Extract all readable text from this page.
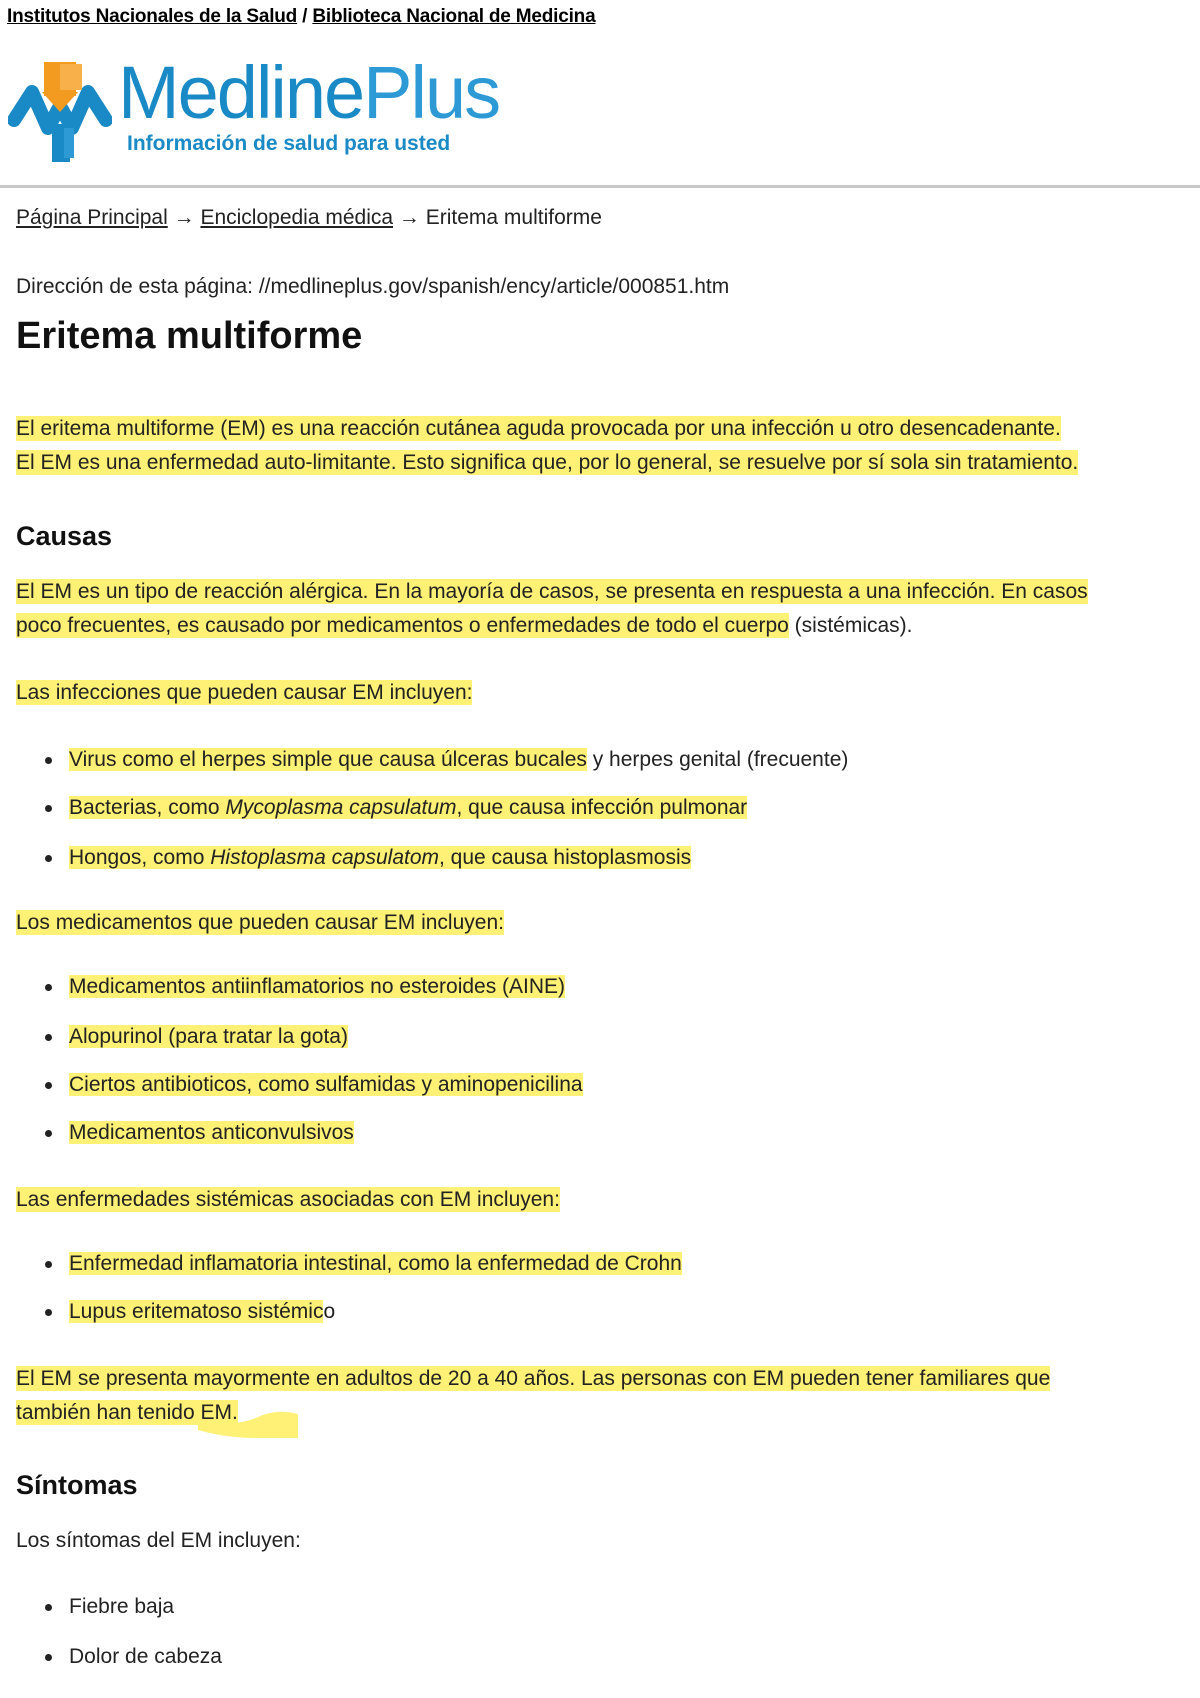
Institutos Nacionales de la Salud / Biblioteca Nacional de Medicina
MedlinePlus
Información de salud para usted
Página Principal → Enciclopedia médica → Eritema multiforme
Dirección de esta página: //medlineplus.gov/spanish/ency/article/000851.htm
Eritema multiforme
El eritema multiforme (EM) es una reacción cutánea aguda provocada por una infección u otro desencadenante.
El EM es una enfermedad auto-limitante. Esto significa que, por lo general, se resuelve por sí sola sin tratamiento.
Causas
El EM es un tipo de reacción alérgica. En la mayoría de casos, se presenta en respuesta a una infección. En casos poco frecuentes, es causado por medicamentos o enfermedades de todo el cuerpo (sistémicas).
Las infecciones que pueden causar EM incluyen:
Virus como el herpes simple que causa úlceras bucales y herpes genital (frecuente)
Bacterias, como Mycoplasma capsulatum, que causa infección pulmonar
Hongos, como Histoplasma capsulatom, que causa histoplasmosis
Los medicamentos que pueden causar EM incluyen:
Medicamentos antiinflamatorios no esteroides (AINE)
Alopurinol (para tratar la gota)
Ciertos antibioticos, como sulfamidas y aminopenicilina
Medicamentos anticonvulsivos
Las enfermedades sistémicas asociadas con EM incluyen:
Enfermedad inflamatoria intestinal, como la enfermedad de Crohn
Lupus eritematoso sistémico
El EM se presenta mayormente en adultos de 20 a 40 años. Las personas con EM pueden tener familiares que
también han tenido EM.
Síntomas
Los síntomas del EM incluyen:
Fiebre baja
Dolor de cabeza
